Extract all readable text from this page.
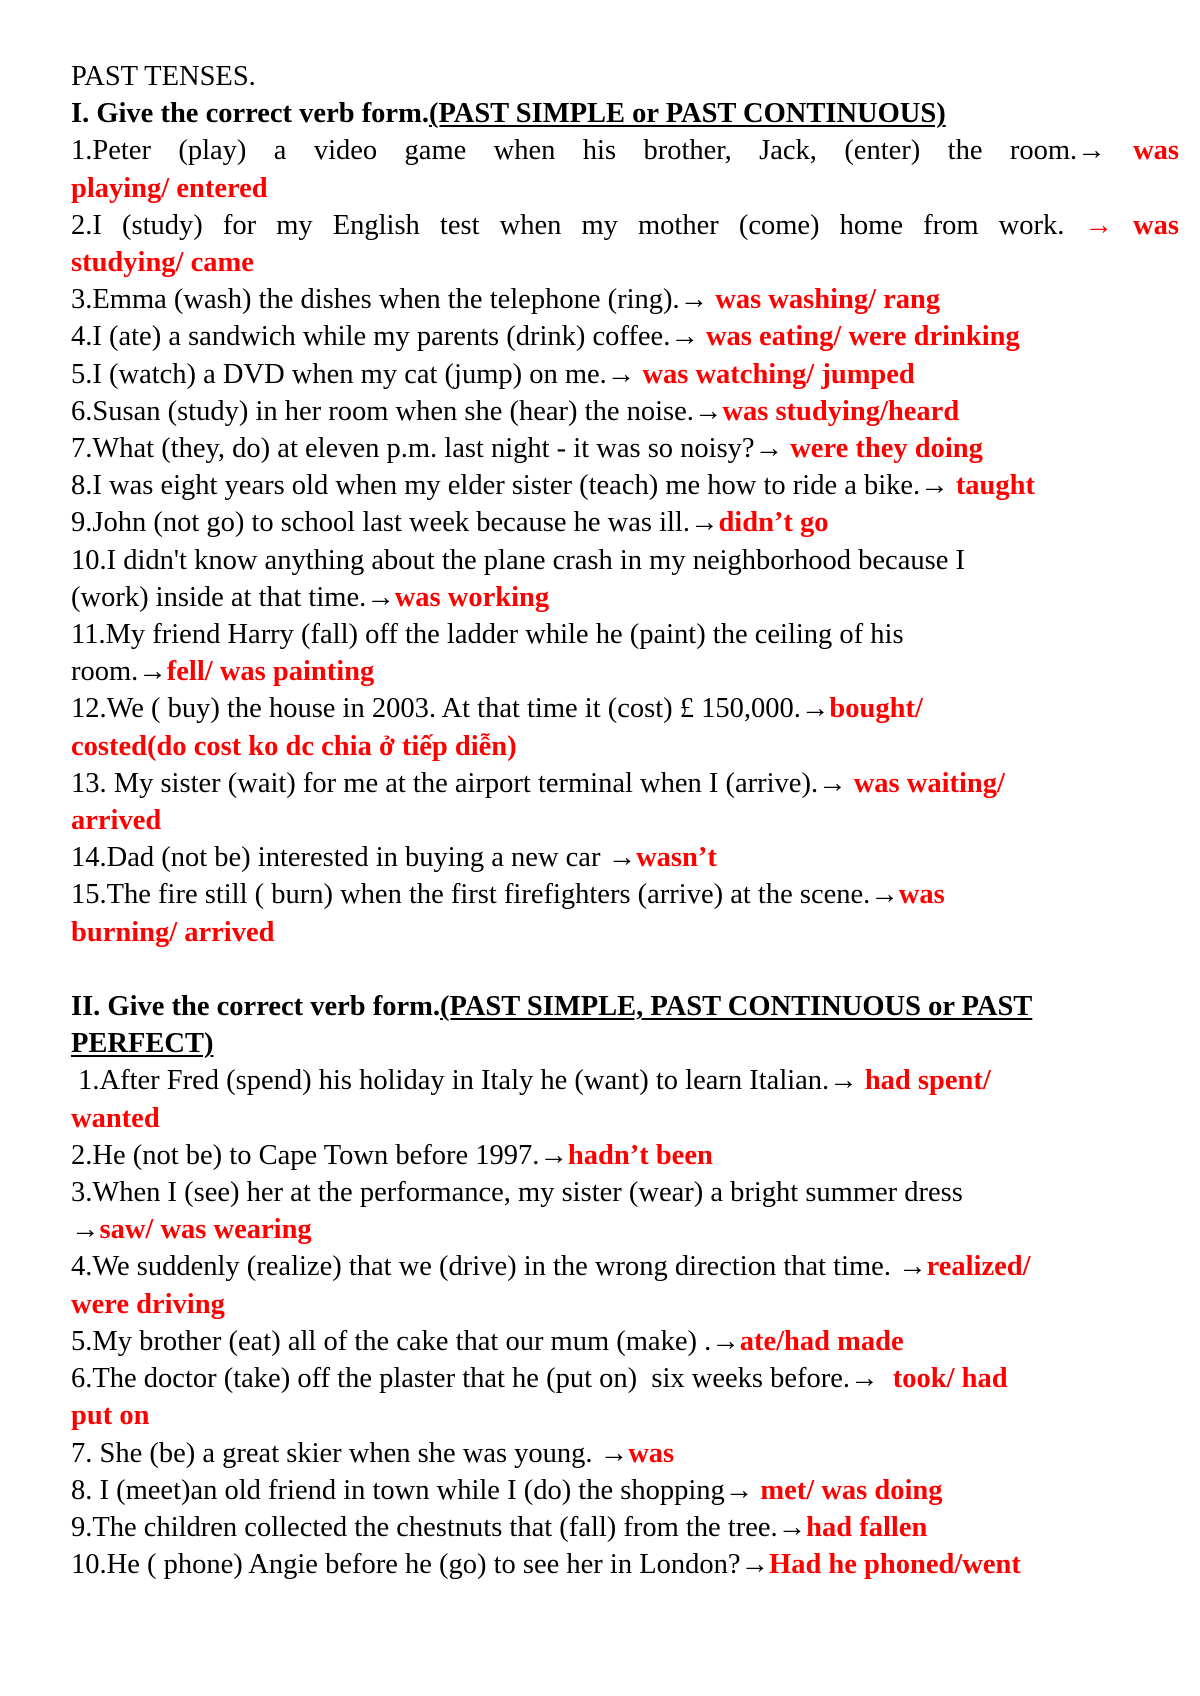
PAST TENSES.
I. Give the correct verb form.(PAST SIMPLE or PAST CONTINUOUS)
1.Peter (play) a video game when his brother, Jack, (enter) the room.→ was
playing/ entered
2.I (study) for my English test when my mother (come) home from work. → was
studying/ came
3.Emma (wash) the dishes when the telephone (ring).→ was washing/ rang
4.I (ate) a sandwich while my parents (drink) coffee.→ was eating/ were drinking
5.I (watch) a DVD when my cat (jump) on me.→ was watching/ jumped
6.Susan (study) in her room when she (hear) the noise.→was studying/heard
7.What (they, do) at eleven p.m. last night - it was so noisy?→ were they doing
8.I was eight years old when my elder sister (teach) me how to ride a bike.→ taught
9.John (not go) to school last week because he was ill.→didn’t go
10.I didn't know anything about the plane crash in my neighborhood because I
(work) inside at that time.→was working
11.My friend Harry (fall) off the ladder while he (paint) the ceiling of his
room.→fell/ was painting
12.We ( buy) the house in 2003. At that time it (cost) £ 150,000.→bought/
costed(do cost ko dc chia ở tiếp diễn)
13. My sister (wait) for me at the airport terminal when I (arrive).→ was waiting/
arrived
14.Dad (not be) interested in buying a new car →wasn’t
15.The fire still ( burn) when the first firefighters (arrive) at the scene.→was
burning/ arrived
II. Give the correct verb form.(PAST SIMPLE, PAST CONTINUOUS or PAST
PERFECT)
1.After Fred (spend) his holiday in Italy he (want) to learn Italian.→ had spent/
wanted
2.He (not be) to Cape Town before 1997.→hadn’t been
3.When I (see) her at the performance, my sister (wear) a bright summer dress
→saw/ was wearing
4.We suddenly (realize) that we (drive) in the wrong direction that time. →realized/
were driving
5.My brother (eat) all of the cake that our mum (make) .→ate/had made
6.The doctor (take) off the plaster that he (put on)  six weeks before.→  took/ had
put on
7. She (be) a great skier when she was young. →was
8. I (meet)an old friend in town while I (do) the shopping→ met/ was doing
9.The children collected the chestnuts that (fall) from the tree.→had fallen
10.He ( phone) Angie before he (go) to see her in London?→Had he phoned/went
